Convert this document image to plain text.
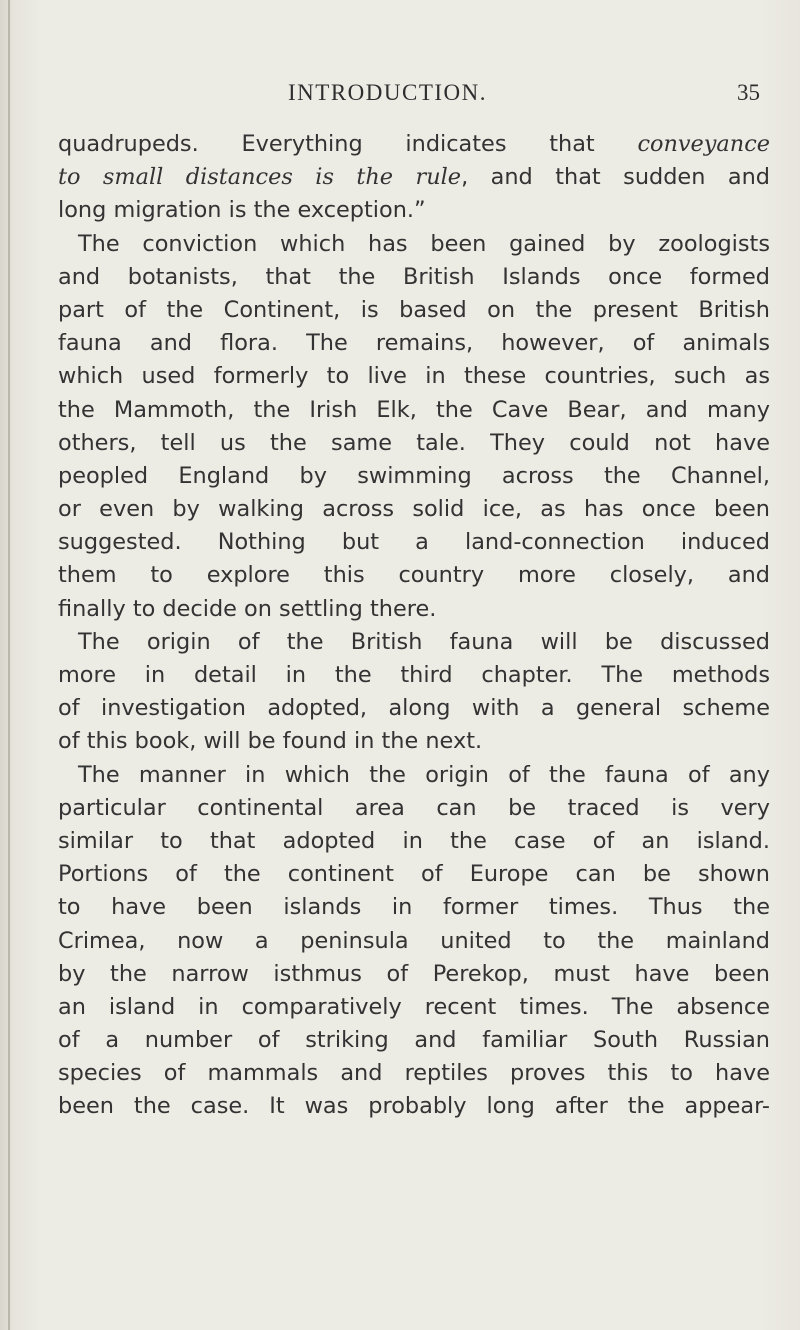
INTRODUCTION.	35
quadrupeds. Everything indicates that conveyance
to small distances is the rule, and that sudden and
long migration is the exception.”
The conviction which has been gained by zoologists
and botanists, that the British Islands once formed
part of the Continent, is based on the present British
fauna and flora. The remains, however, of animals
which used formerly to live in these countries, such as
the Mammoth, the Irish Elk, the Cave Bear, and many
others, tell us the same tale. They could not have
peopled England by swimming across the Channel,
or even by walking across solid ice, as has once been
suggested. Nothing but a land-connection induced
them to explore this country more closely, and
finally to decide on settling there.
The origin of the British fauna will be discussed
more in detail in the third chapter. The methods
of investigation adopted, along with a general scheme
of this book, will be found in the next.
The manner in which the origin of the fauna of any
particular continental area can be traced is very
similar to that adopted in the case of an island.
Portions of the continent of Europe can be shown
to have been islands in former times. Thus the
Crimea, now a peninsula united to the mainland
by the narrow isthmus of Perekop, must have been
an island in comparatively recent times. The absence
of a number of striking and familiar South Russian
species of mammals and reptiles proves this to have
been the case. It was probably long after the appear-
